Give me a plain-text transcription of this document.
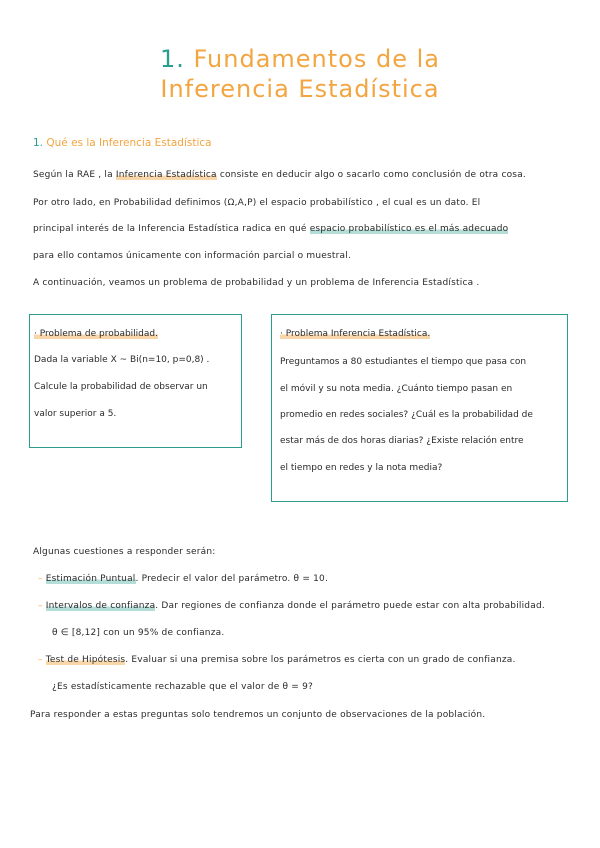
1. Fundamentos de la
Inferencia Estadística
1. Qué es la Inferencia Estadística
Según la RAE , la Inferencia Estadística consiste en deducir algo o sacarlo como conclusión de otra cosa.
Por otro lado, en Probabilidad definimos (Ω,A,P) el espacio probabilístico , el cual es un dato. El
principal interés de la Inferencia Estadística radica en qué espacio probabilístico es el más adecuado
para ello contamos únicamente con información parcial o muestral.
A continuación, veamos un problema de probabilidad y un problema de Inferencia Estadística .
· Problema de probabilidad.
Dada la variable X ~ Bi(n=10, p=0,8) .
Calcule la probabilidad de observar un
valor superior a 5.
· Problema Inferencia Estadística.
Preguntamos a 80 estudiantes el tiempo que pasa con
el móvil y su nota media. ¿Cuánto tiempo pasan en
promedio en redes sociales? ¿Cuál es la probabilidad de
estar más de dos horas diarias? ¿Existe relación entre
el tiempo en redes y la nota media?
Algunas cuestiones a responder serán:
– Estimación Puntual. Predecir el valor del parámetro. θ = 10.
– Intervalos de confianza. Dar regiones de confianza donde el parámetro puede estar con alta probabilidad.
θ ∈ [8,12] con un 95% de confianza.
– Test de Hipótesis. Evaluar si una premisa sobre los parámetros es cierta con un grado de confianza.
¿Es estadísticamente rechazable que el valor de θ = 9?
Para responder a estas preguntas solo tendremos un conjunto de observaciones de la población.
